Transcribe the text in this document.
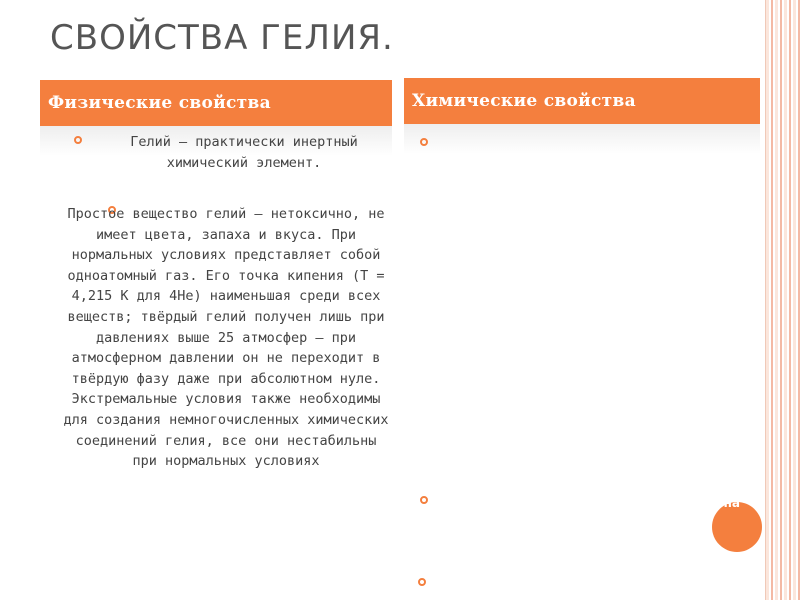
СВОЙСТВА ГЕЛИЯ.
Физические свойства	Химические свойства
Гелий — практически инертный химический элемент.
Простое вещество гелий — нетоксично, не имеет цвета, запаха и вкуса. При нормальных условиях представляет собой одноатомный газ. Его точка кипения (T = 4,215 K для 4He) наименьшая среди всех веществ; твёрдый гелий получен лишь при давлениях выше 25 атмосфер — при атмосферном давлении он не переходит в твёрдую фазу даже при абсолютном нуле. Экстремальные условия также необходимы для создания немногочисленных химических соединений гелия, все они нестабильны при нормальных условиях
вна
